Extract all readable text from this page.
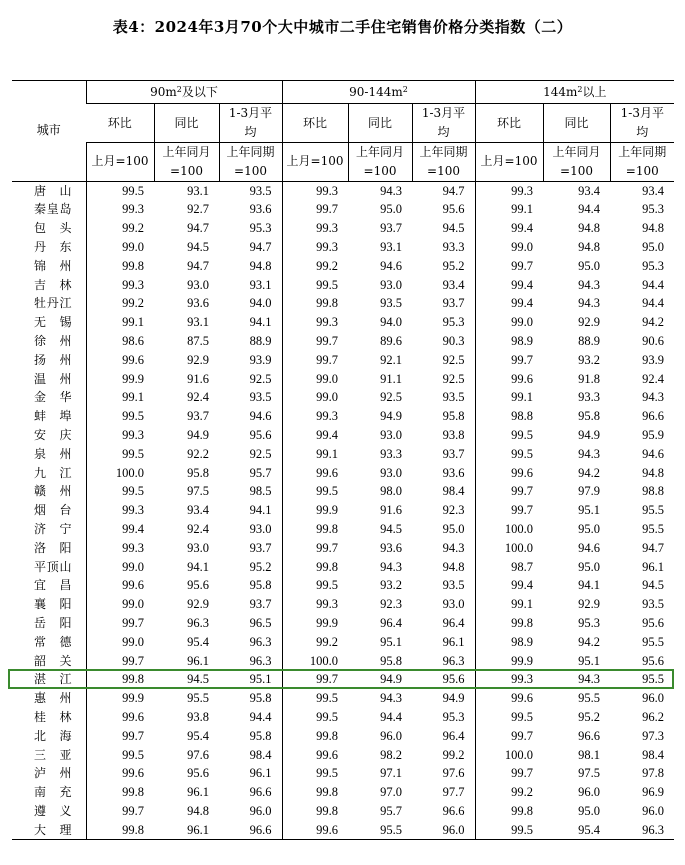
表4：2024年3月70个大中城市二手住宅销售价格分类指数（二）
城市	$90m^2$及以下			$90-144m^2$			$144m^2$以上		
	环比	同比	1-3月平均	环比	同比	1-3月平均	环比	同比	1-3月平均
	上月=100	上年同月=100	上年同期=100	上月=100	上年同月=100	上年同期=100	上月=100	上年同月=100	上年同期=100
唐山	99.5	93.1	93.5	99.3	94.3	94.7	99.3	93.4	93.4
秦皇岛	99.3	92.7	93.6	99.7	95.0	95.6	99.1	94.4	95.3
包头	99.2	94.7	95.3	99.3	93.7	94.5	99.4	94.8	94.8
丹东	99.0	94.5	94.7	99.3	93.1	93.3	99.0	94.8	95.0
锦州	99.8	94.7	94.8	99.2	94.6	95.2	99.7	95.0	95.3
吉林	99.3	93.0	93.1	99.5	93.0	93.4	99.4	94.3	94.4
牡丹江	99.2	93.6	94.0	99.8	93.5	93.7	99.4	94.3	94.4
无锡	99.1	93.1	94.1	99.3	94.0	95.3	99.0	92.9	94.2
徐州	98.6	87.5	88.9	99.7	89.6	90.3	98.9	88.9	90.6
扬州	99.6	92.9	93.9	99.7	92.1	92.5	99.7	93.2	93.9
温州	99.9	91.6	92.5	99.0	91.1	92.5	99.6	91.8	92.4
金华	99.1	92.4	93.5	99.0	92.5	93.5	99.1	93.3	94.3
蚌埠	99.5	93.7	94.6	99.3	94.9	95.8	98.8	95.8	96.6
安庆	99.3	94.9	95.6	99.4	93.0	93.8	99.5	94.9	95.9
泉州	99.5	92.2	92.5	99.1	93.3	93.7	99.5	94.3	94.6
九江	100.0	95.8	95.7	99.6	93.0	93.6	99.6	94.2	94.8
赣州	99.5	97.5	98.5	99.5	98.0	98.4	99.7	97.9	98.8
烟台	99.3	93.4	94.1	99.9	91.6	92.3	99.7	95.1	95.5
济宁	99.4	92.4	93.0	99.8	94.5	95.0	100.0	95.0	95.5
洛阳	99.3	93.0	93.7	99.7	93.6	94.3	100.0	94.6	94.7
平顶山	99.0	94.1	95.2	99.8	94.3	94.8	98.7	95.0	96.1
宜昌	99.6	95.6	95.8	99.5	93.2	93.5	99.4	94.1	94.5
襄阳	99.0	92.9	93.7	99.3	92.3	93.0	99.1	92.9	93.5
岳阳	99.7	96.3	96.5	99.9	96.4	96.4	99.8	95.3	95.6
常德	99.0	95.4	96.3	99.2	95.1	96.1	98.9	94.2	95.5
韶关	99.7	96.1	96.3	100.0	95.8	96.3	99.9	95.1	95.6
湛江	99.8	94.5	95.1	99.7	94.9	95.6	99.3	94.3	95.5
惠州	99.9	95.5	95.8	99.5	94.3	94.9	99.6	95.5	96.0
桂林	99.6	93.8	94.4	99.5	94.4	95.3	99.5	95.2	96.2
北海	99.7	95.4	95.8	99.8	96.0	96.4	99.7	96.6	97.3
三亚	99.5	97.6	98.4	99.6	98.2	99.2	100.0	98.1	98.4
泸州	99.6	95.6	96.1	99.5	97.1	97.6	99.7	97.5	97.8
南充	99.8	96.1	96.6	99.8	97.0	97.7	99.2	96.0	96.9
遵义	99.7	94.8	96.0	99.8	95.7	96.6	99.8	95.0	96.0
大理	99.8	96.1	96.6	99.6	95.5	96.0	99.5	95.4	96.3
